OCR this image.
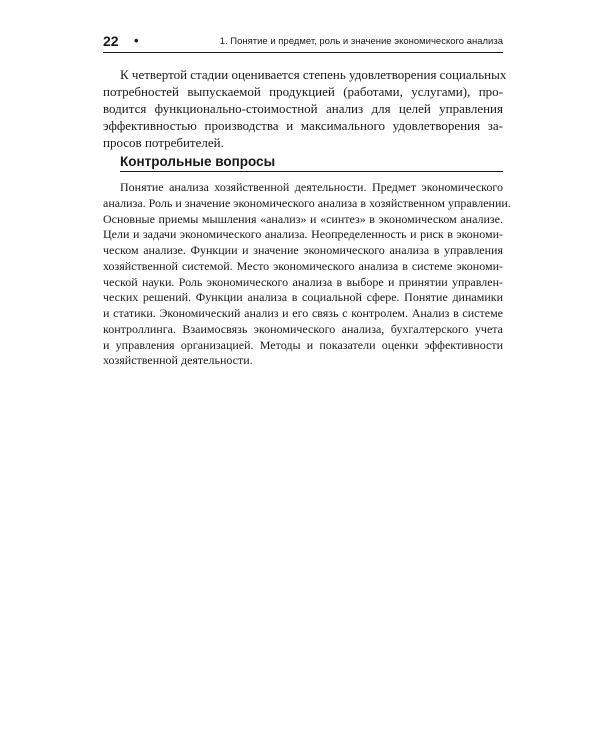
22 •	1. Понятие и предмет, роль и значение экономического анализа
К четвертой стадии оценивается степень удовлетворения социальных
потребностей выпускаемой продукцией (работами, услугами), про-
водится функционально-стоимостной анализ для целей управления
эффективностью производства и максимального удовлетворения за-
просов потребителей.
Контрольные вопросы
Понятие анализа хозяйственной деятельности. Предмет экономического
анализа. Роль и значение экономического анализа в хозяйственном управлении.
Основные приемы мышления «анализ» и «синтез» в экономическом анализе.
Цели и задачи экономического анализа. Неопределенность и риск в экономи-
ческом анализе. Функции и значение экономического анализа в управления
хозяйственной системой. Место экономического анализа в системе экономи-
ческой науки. Роль экономического анализа в выборе и принятии управлен-
ческих решений. Функции анализа в социальной сфере. Понятие динамики
и статики. Экономический анализ и его связь с контролем. Анализ в системе
контроллинга. Взаимосвязь экономического анализа, бухгалтерского учета
и управления организацией. Методы и показатели оценки эффективности
хозяйственной деятельности.
